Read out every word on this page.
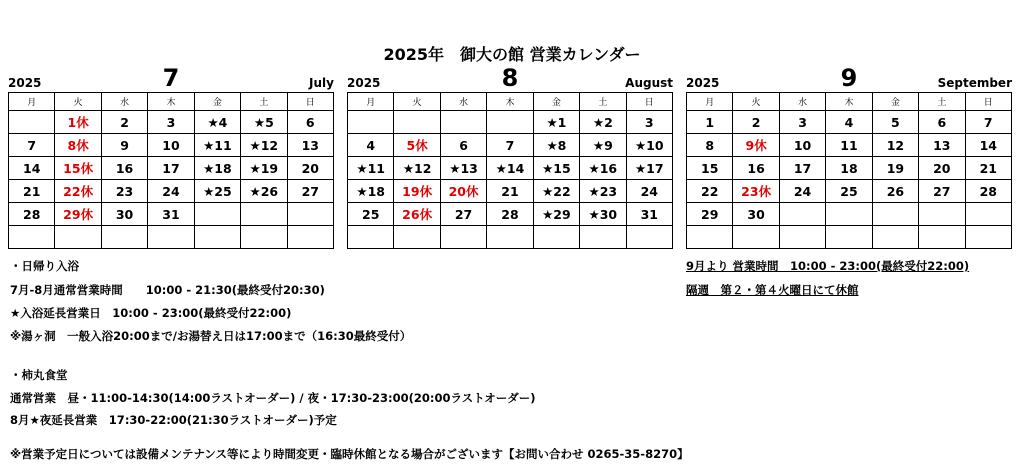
2025年　御大の館 営業カレンダー
2025	7	July
月	火	水	木	金	土	日
	1休	2	3	★4	★5	6
7	8休	9	10	★11	★12	13
14	15休	16	17	★18	★19	20
21	22休	23	24	★25	★26	27
28	29休	30	31			

2025	8	August
月	火	水	木	金	土	日
				★1	★2	3
4	5休	6	7	★8	★9	★10
★11	★12	★13	★14	★15	★16	★17
★18	19休	20休	21	★22	★23	24
25	26休	27	28	★29	★30	31

2025	9	September
月	火	水	木	金	土	日
1	2	3	4	5	6	7
8	9休	10	11	12	13	14
15	16	17	18	19	20	21
22	23休	24	25	26	27	28
29	30					

・日帰り入浴
7月-8月通常営業時間　　10:00 - 21:30(最終受付20:30)
★入浴延長営業日　10:00 - 23:00(最終受付22:00)
※湯ヶ洞　一般入浴20:00まで/お湯替え日は17:00まで（16:30最終受付）
9月より 営業時間　10:00 - 23:00(最終受付22:00)
隔週　第２・第４火曜日にて休館
・柿丸食堂
通常営業　昼・11:00-14:30(14:00ラストオーダー) / 夜・17:30-23:00(20:00ラストオーダー)
8月★夜延長営業　17:30-22:00(21:30ラストオーダー)予定
※営業予定日については設備メンテナンス等により時間変更・臨時休館となる場合がございます【お問い合わせ 0265-35-8270】
